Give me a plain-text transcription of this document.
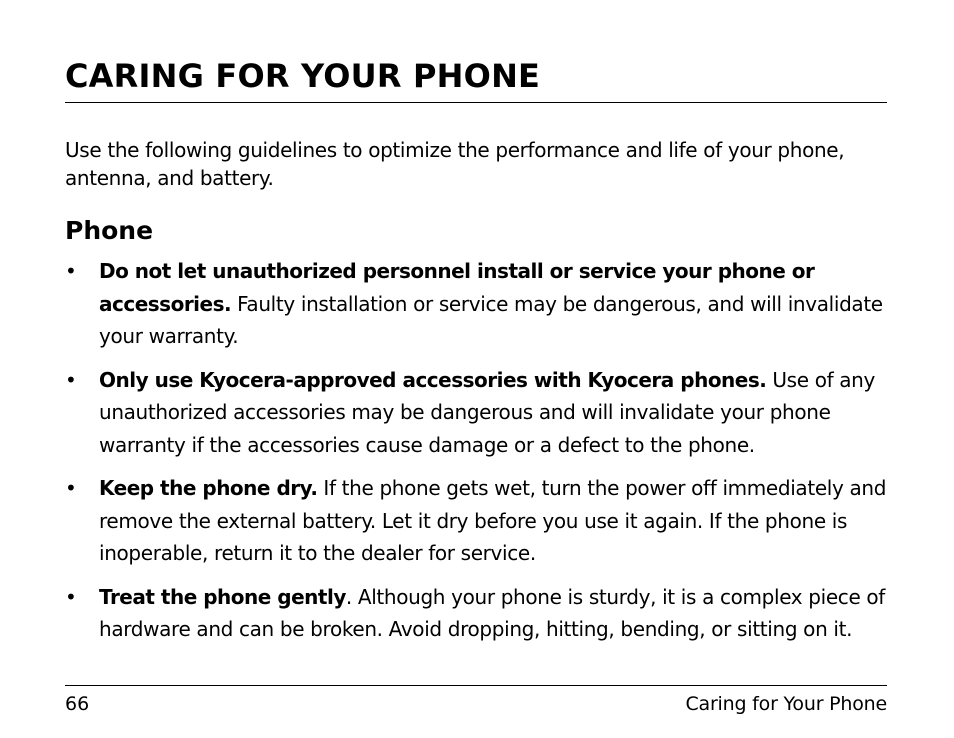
CARING FOR YOUR PHONE

Use the following guidelines to optimize the performance and life of your phone, antenna, and battery.

Phone
• Do not let unauthorized personnel install or service your phone or accessories. Faulty installation or service may be dangerous, and will invalidate your warranty.
• Only use Kyocera-approved accessories with Kyocera phones. Use of any unauthorized accessories may be dangerous and will invalidate your phone warranty if the accessories cause damage or a defect to the phone.
• Keep the phone dry. If the phone gets wet, turn the power off immediately and remove the external battery. Let it dry before you use it again. If the phone is inoperable, return it to the dealer for service.
• Treat the phone gently. Although your phone is sturdy, it is a complex piece of hardware and can be broken. Avoid dropping, hitting, bending, or sitting on it.
66	Caring for Your Phone
